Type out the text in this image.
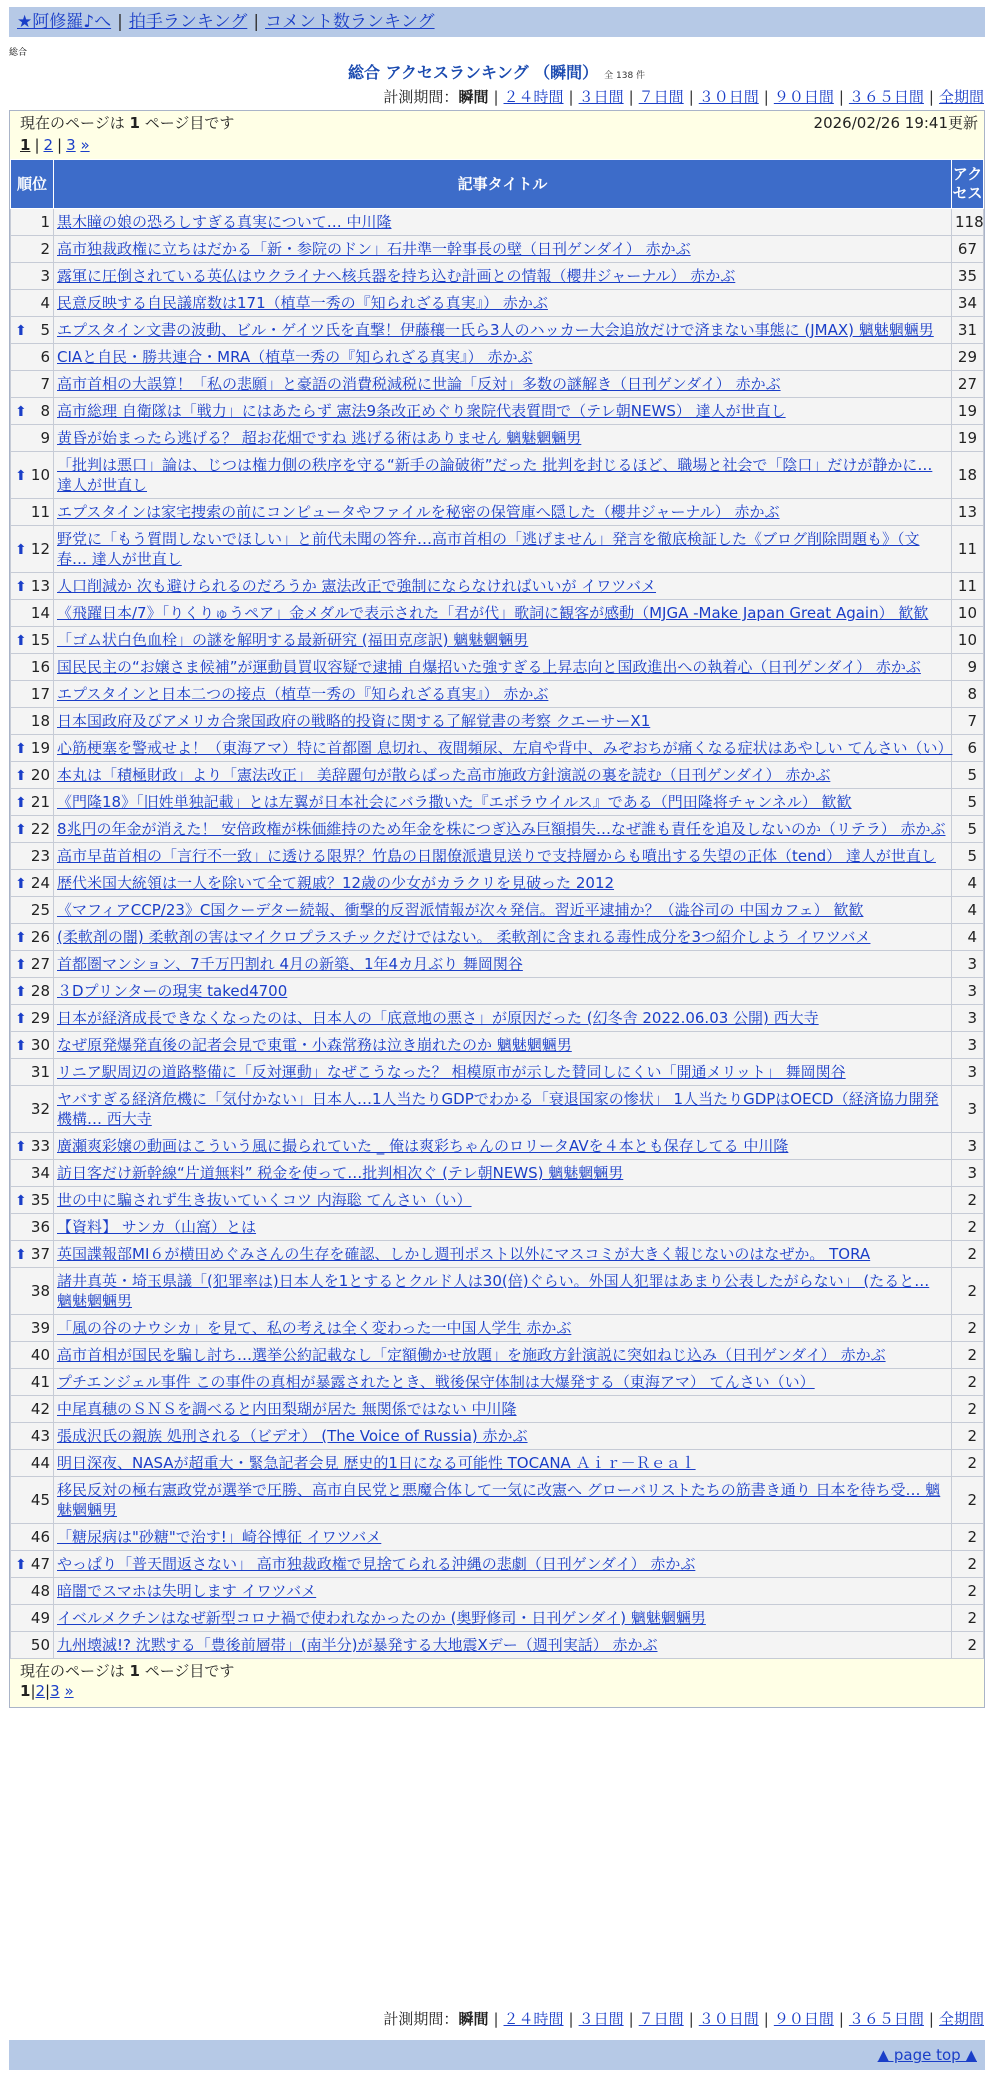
★阿修羅♪へ | 拍手ランキング | コメント数ランキング
総合
総合 アクセスランキング （瞬間） 全 138 件
計測期間：瞬間 | ２４時間 | ３日間 | ７日間 | ３０日間 | ９０日間 | ３６５日間 | 全期間
現在のページは 1 ページ目です	2026/02/26 19:41更新
1 | 2 | 3 »
順位	記事タイトル	アクセス
1	黒木瞳の娘の恐ろしすぎる真実について… 中川隆	118
2	高市独裁政権に立ちはだかる「新・参院のドン」石井準一幹事長の壁（日刊ゲンダイ） 赤かぶ	67
3	露軍に圧倒されている英仏はウクライナへ核兵器を持ち込む計画との情報（櫻井ジャーナル） 赤かぶ	35
4	民意反映する自民議席数は171（植草一秀の『知られざる真実』） 赤かぶ	34

⬆ 5	エプスタイン文書の波動、ビル・ゲイツ氏を直撃！伊藤穰一氏ら3人のハッカー大会追放だけで済まない事態に (JMAX) 魑魅魍魎男	31
6	CIAと自民・勝共連合・MRA（植草一秀の『知られざる真実』） 赤かぶ	29
7	高市首相の大誤算！「私の悲願」と豪語の消費税減税に世論「反対」多数の謎解き（日刊ゲンダイ） 赤かぶ	27

⬆ 8	高市総理 自衛隊は「戦力」にはあたらず 憲法9条改正めぐり衆院代表質問で（テレ朝NEWS） 達人が世直し	19
9	黄昏が始まったら逃げる？ 超お花畑ですね 逃げる術はありません 魑魅魍魎男	19

⬆ 10	「批判は悪口」論は、じつは権力側の秩序を守る“新手の論破術”だった 批判を封じるほど、職場と社会で「陰口」だけが静かに… 達人が世直し	18
11	エプスタインは家宅捜索の前にコンピュータやファイルを秘密の保管庫へ隠した（櫻井ジャーナル） 赤かぶ	13

⬆ 12	野党に「もう質問しないでほしい」と前代未聞の答弁…高市首相の「逃げません」発言を徹底検証した《ブログ削除問題も》（文春… 達人が世直し	11

⬆ 13	人口削減か 次も避けられるのだろうか 憲法改正で強制にならなければいいが イワツバメ	11
14	《飛躍日本/7》「りくりゅうペア」金メダルで表示された「君が代」歌詞に観客が感動（MJGA -Make Japan Great Again） 歓歓	10

⬆ 15	「ゴム状白色血栓」の謎を解明する最新研究 (福田克彦訳) 魑魅魍魎男	10
16	国民民主の“お嬢さま候補”が運動員買収容疑で逮捕 自爆招いた強すぎる上昇志向と国政進出への執着心（日刊ゲンダイ） 赤かぶ	9
17	エプスタインと日本二つの接点（植草一秀の『知られざる真実』） 赤かぶ	8
18	日本国政府及びアメリカ合衆国政府の戦略的投資に関する了解覚書の考察 クエーサーX1	7

⬆ 19	心筋梗塞を警戒せよ！（東海アマ）特に首都圏 息切れ、夜間頻尿、左肩や背中、みぞおちが痛くなる症状はあやしい てんさい（い）	6

⬆ 20	本丸は「積極財政」より「憲法改正」 美辞麗句が散らばった高市施政方針演説の裏を読む（日刊ゲンダイ） 赤かぶ	5

⬆ 21	《門隆18》「旧姓単独記載」とは左翼が日本社会にバラ撒いた『エボラウイルス』である（門田隆将チャンネル） 歓歓	5

⬆ 22	8兆円の年金が消えた！ 安倍政権が株価維持のため年金を株につぎ込み巨額損失…なぜ誰も責任を追及しないのか（リテラ） 赤かぶ	5
23	高市早苗首相の「言行不一致」に透ける限界？竹島の日閣僚派遣見送りで支持層からも噴出する失望の正体（tend） 達人が世直し	5

⬆ 24	歴代米国大統領は一人を除いて全て親戚？12歳の少女がカラクリを見破った 2012	4
25	《マフィアCCP/23》C国クーデター続報、衝撃的反習派情報が次々発信。習近平逮捕か？（澁谷司の 中国カフェ） 歓歓	4

⬆ 26	(柔軟剤の闇) 柔軟剤の害はマイクロプラスチックだけではない。 柔軟剤に含まれる毒性成分を3つ紹介しよう イワツバメ	4

⬆ 27	首都圏マンション、7千万円割れ 4月の新築、1年4カ月ぶり 舞岡関谷	3

⬆ 28	３Dプリンターの現実 taked4700	3

⬆ 29	日本が経済成長できなくなったのは、日本人の「底意地の悪さ」が原因だった (幻冬舎 2022.06.03 公開) 西大寺	3

⬆ 30	なぜ原発爆発直後の記者会見で東電・小森常務は泣き崩れたのか 魑魅魍魎男	3
31	リニア駅周辺の道路整備に「反対運動」なぜこうなった？ 相模原市が示した賛同しにくい「開通メリット」 舞岡関谷	3
32	ヤバすぎる経済危機に「気付かない」日本人…1人当たりGDPでわかる「衰退国家の惨状」 1人当たりGDPはOECD（経済協力開発機構… 西大寺	3

⬆ 33	廣瀬爽彩嬢の動画はこういう風に撮られていた _ 俺は爽彩ちゃんのロリータAVを４本とも保存してる 中川隆	3
34	訪日客だけ新幹線“片道無料” 税金を使って…批判相次ぐ (テレ朝NEWS) 魑魅魍魎男	3

⬆ 35	世の中に騙されず生き抜いていくコツ 内海聡 てんさい（い）	2
36	【資料】 サンカ（山窩）とは	2

⬆ 37	英国諜報部MI６が横田めぐみさんの生存を確認、しかし週刊ポスト以外にマスコミが大きく報じないのはなぜか。 TORA	2
38	諸井真英・埼玉県議「(犯罪率は)日本人を1とするとクルド人は30(倍)ぐらい。外国人犯罪はあまり公表したがらない」 (たると… 魑魅魍魎男	2
39	「風の谷のナウシカ」を見て、私の考えは全く変わった一中国人学生 赤かぶ	2
40	高市首相が国民を騙し討ち…選挙公約記載なし「定額働かせ放題」を施政方針演説に突如ねじ込み（日刊ゲンダイ） 赤かぶ	2
41	プチエンジェル事件 この事件の真相が暴露されたとき、戦後保守体制は大爆発する（東海アマ） てんさい（い）	2
42	中尾真穂のＳＮＳを調べると内田梨瑚が居た 無関係ではない 中川隆	2
43	張成沢氏の親族 処刑される（ビデオ） (The Voice of Russia) 赤かぶ	2
44	明日深夜、NASAが超重大・緊急記者会見 歴史的1日になる可能性 TOCANA Ａｉｒ－Ｒｅａｌ	2
45	移民反対の極右憲政党が選挙で圧勝、高市自民党と悪魔合体して一気に改憲へ グローバリストたちの筋書き通り 日本を待ち受… 魑魅魍魎男	2
46	「糖尿病は"砂糖"で治す!」崎谷博征 イワツバメ	2

⬆ 47	やっぱり「普天間返さない」 高市独裁政権で見捨てられる沖縄の悲劇（日刊ゲンダイ） 赤かぶ	2
48	暗闇でスマホは失明します イワツバメ	2
49	イベルメクチンはなぜ新型コロナ禍で使われなかったのか (奥野修司・日刊ゲンダイ) 魑魅魍魎男	2
50	九州壊滅!? 沈黙する「豊後前層帯」(南半分)が暴発する大地震Xデー（週刊実話） 赤かぶ	2
現在のページは 1 ページ目です
1|2|3 »
計測期間：瞬間 | ２４時間 | ３日間 | ７日間 | ３０日間 | ９０日間 | ３６５日間 | 全期間
▲ page top ▲
